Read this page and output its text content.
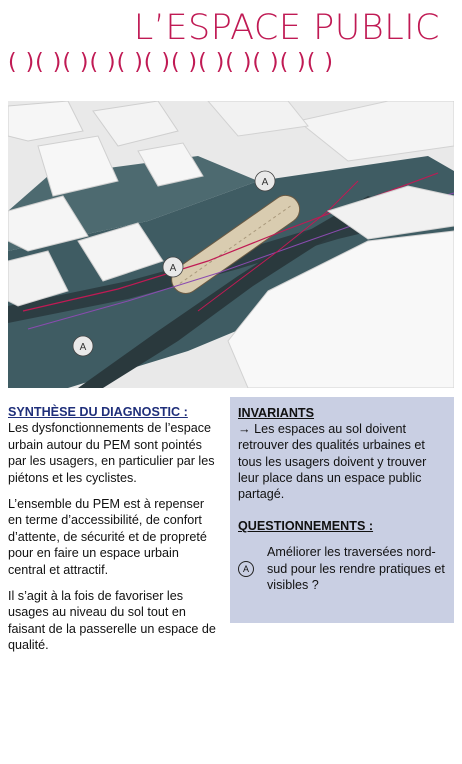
L’ESPACE PUBLIC
( )( )( )( )( )( )( )( )( )( )( )( )
A
A
A
SYNTHÈSE DU DIAGNOSTIC :

Les dysfonctionnements de l’espace urbain autour du PEM sont pointés par les usagers, en particulier par les piétons et les cyclistes.

L’ensemble du PEM est à repenser en terme d’accessibilité, de confort d’attente, de sécurité et de propreté pour en faire un espace urbain central et attractif.

Il s’agit à la fois de favoriser les usages au niveau du sol tout en faisant de la passerelle un espace de qualité.

INVARIANTS
→ Les espaces au sol doivent retrouver des qualités urbaines et tous les usagers doivent y trouver leur place dans un espace public partagé.
QUESTIONNEMENTS :
A
Améliorer les traversées nord-sud pour les rendre pratiques et visibles ?
